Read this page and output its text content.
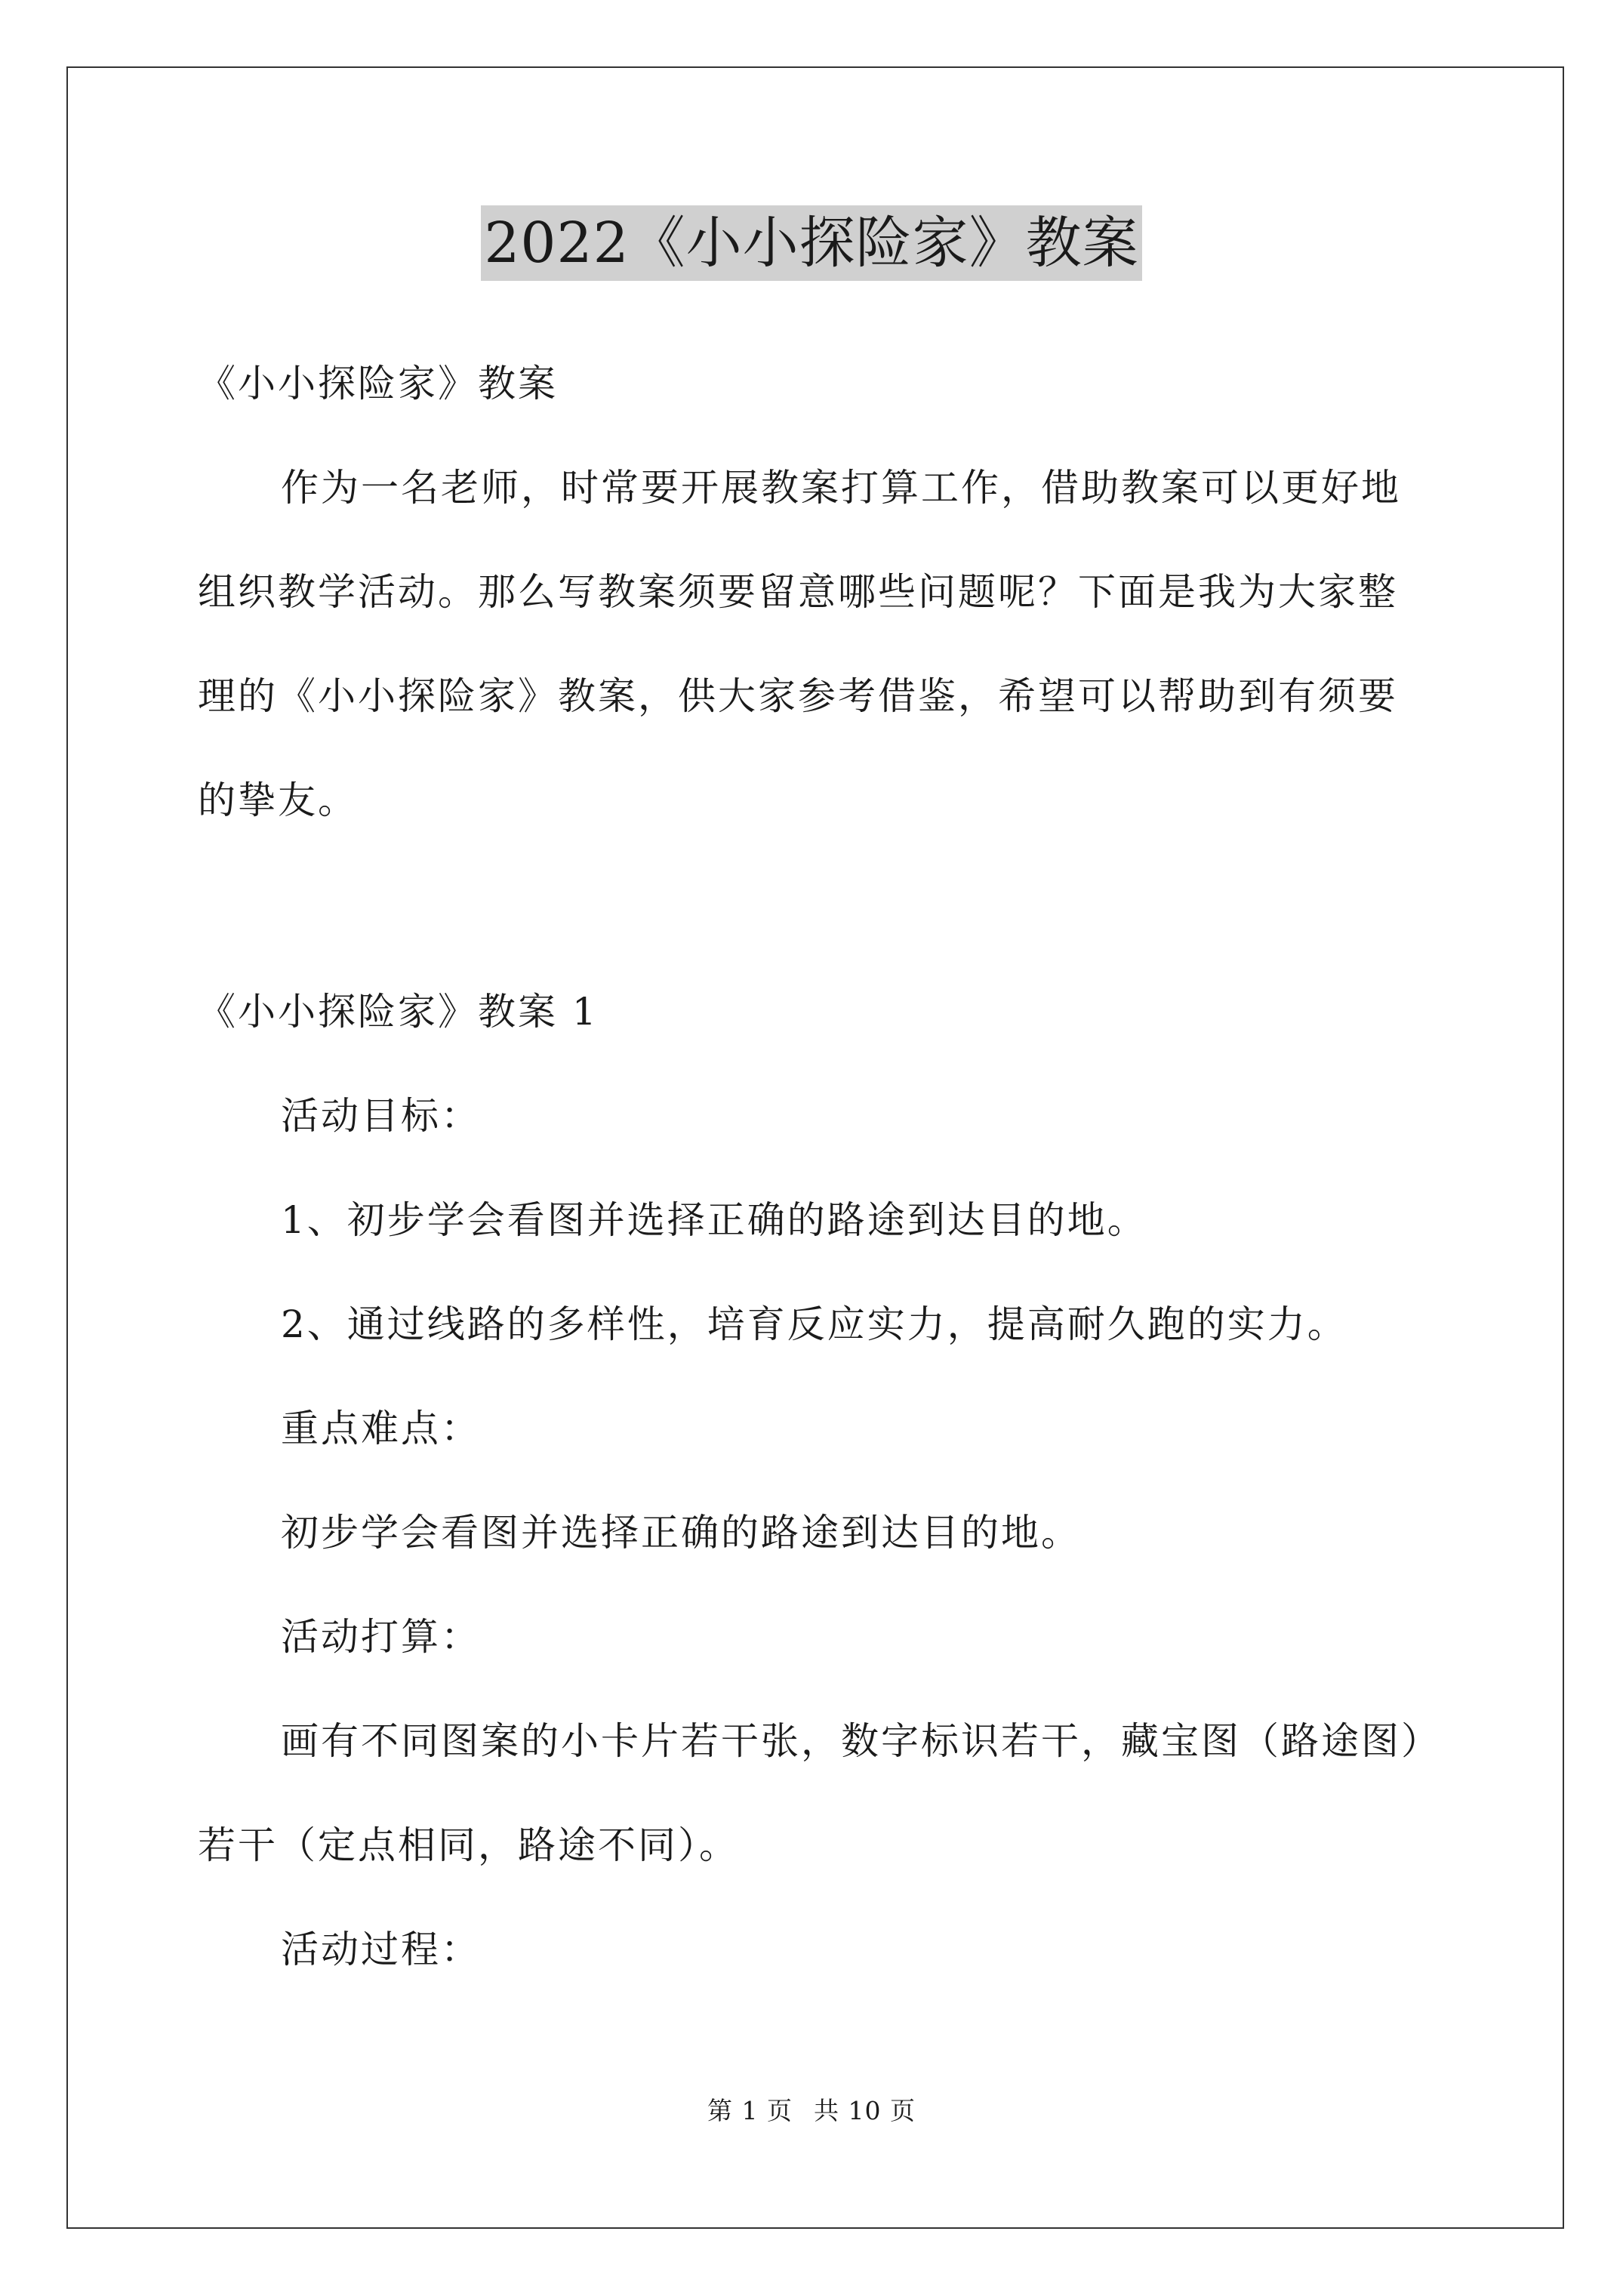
2022《小小探险家》教案
《小小探险家》教案
作为一名老师，时常要开展教案打算工作，借助教案可以更好地
组织教学活动。那么写教案须要留意哪些问题呢？下面是我为大家整
理的《小小探险家》教案，供大家参考借鉴，希望可以帮助到有须要
的挚友。
《小小探险家》教案 1
活动目标：
1、初步学会看图并选择正确的路途到达目的地。
2、通过线路的多样性，培育反应实力，提高耐久跑的实力。
重点难点：
初步学会看图并选择正确的路途到达目的地。
活动打算：
画有不同图案的小卡片若干张，数字标识若干，藏宝图（路途图）
若干（定点相同，路途不同）。
活动过程：
第 1 页 共 10 页
